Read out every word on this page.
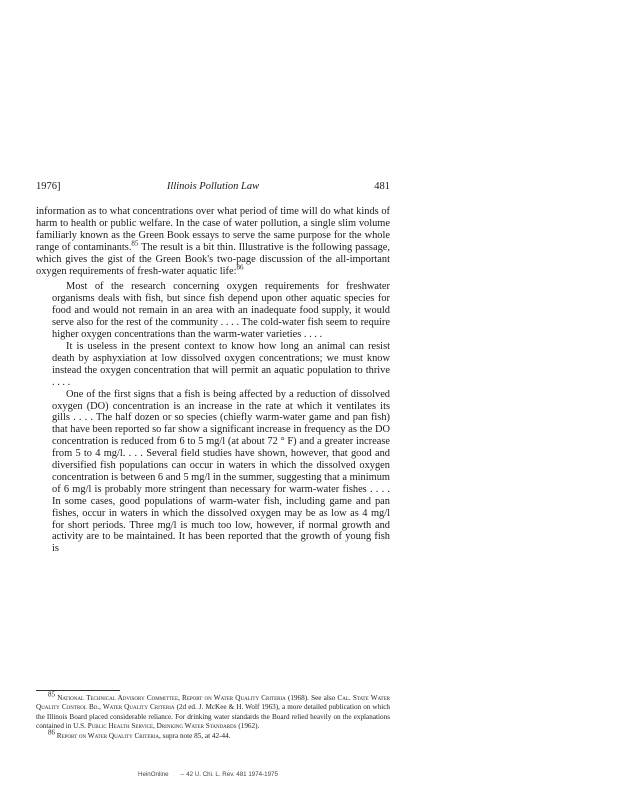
1976]	Illinois Pollution Law	481

information as to what concentrations over what period of time will do what kinds of harm to health or public welfare. In the case of water pollution, a single slim volume familiarly known as the Green Book essays to serve the same purpose for the whole range of contaminants.$^{85}$ The result is a bit thin. Illustrative is the following passage, which gives the gist of the Green Book's two-page discussion of the all-important oxygen requirements of fresh-water aquatic life:$^{86}$

Most of the research concerning oxygen requirements for freshwater organisms deals with fish, but since fish depend upon other aquatic species for food and would not remain in an area with an inadequate food supply, it would serve also for the rest of the community . . . . The cold-water fish seem to require higher oxygen concentrations than the warm-water varieties . . . .

It is useless in the present context to know how long an animal can resist death by asphyxiation at low dissolved oxygen concentrations; we must know instead the oxygen concentration that will permit an aquatic population to thrive . . . .

One of the first signs that a fish is being affected by a reduction of dissolved oxygen (DO) concentration is an increase in the rate at which it ventilates its gills . . . . The half dozen or so species (chiefly warm-water game and pan fish) that have been reported so far show a significant increase in frequency as the DO concentration is reduced from 6 to 5 mg/l (at about 72 ° F) and a greater increase from 5 to 4 mg/l. . . . Several field studies have shown, however, that good and diversified fish populations can occur in waters in which the dissolved oxygen concentration is between 6 and 5 mg/l in the summer, suggesting that a minimum of 6 mg/l is probably more stringent than necessary for warm-water fishes . . . . In some cases, good populations of warm-water fish, including game and pan fishes, occur in waters in which the dissolved oxygen may be as low as 4 mg/l for short periods. Three mg/l is much too low, however, if normal growth and activity are to be maintained. It has been reported that the growth of young fish is

$^{85}$ National Technical Advisory Committee, Report on Water Quality Criteria (1968). See also Cal. State Water Quality Control Bd., Water Quality Criteria (2d ed. J. McKee & H. Wolf 1963), a more detailed publication on which the Illinois Board placed considerable reliance. For drinking water standards the Board relied heavily on the explanations contained in U.S. Public Health Service, Drinking Water Standards (1962).

$^{86}$ Report on Water Quality Criteria, supra note 85, at 42-44.

HeinOnline -- 42 U. Chi. L. Rev. 481 1974-1975
